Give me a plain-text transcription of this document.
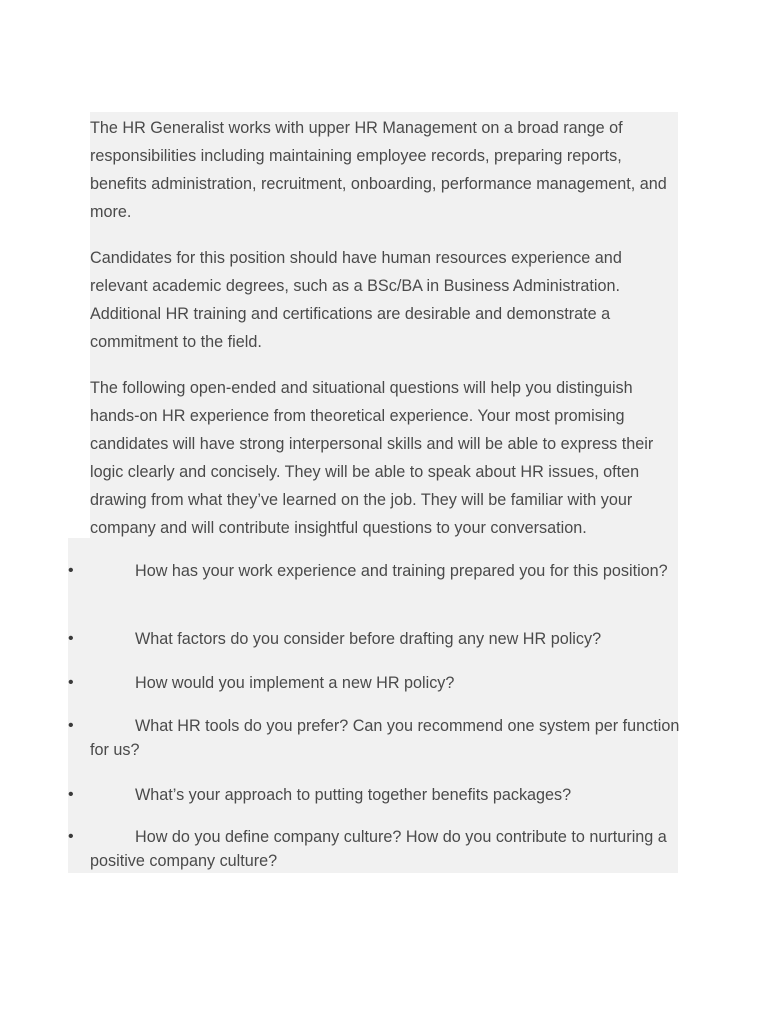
The HR Generalist works with upper HR Management on a broad range of responsibilities including maintaining employee records, preparing reports, benefits administration, recruitment, onboarding, performance management, and more.

Candidates for this position should have human resources experience and relevant academic degrees, such as a BSc/BA in Business Administration. Additional HR training and certifications are desirable and demonstrate a commitment to the field.

The following open-ended and situational questions will help you distinguish hands-on HR experience from theoretical experience. Your most promising candidates will have strong interpersonal skills and will be able to express their logic clearly and concisely. They will be able to speak about HR issues, often drawing from what they’ve learned on the job. They will be familiar with your company and will contribute insightful questions to your conversation.

•	How has your work experience and training prepared you for this position?

•	What factors do you consider before drafting any new HR policy?

•	How would you implement a new HR policy?

•	What HR tools do you prefer? Can you recommend one system per function for us?

•	What’s your approach to putting together benefits packages?

•	How do you define company culture? How do you contribute to nurturing a positive company culture?
